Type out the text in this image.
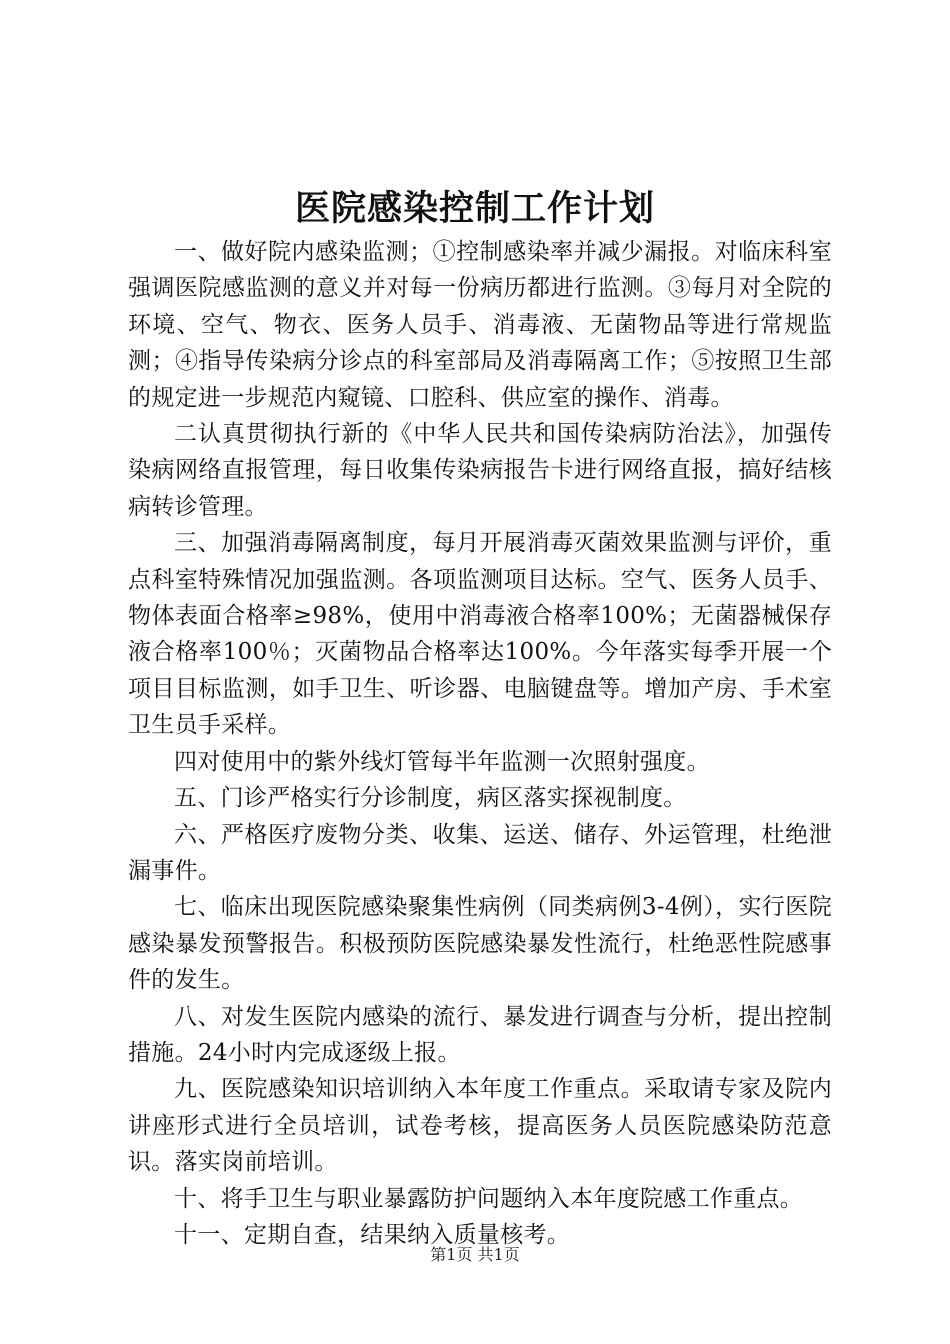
医院感染控制工作计划

一、做好院内感染监测；①控制感染率并减少漏报。对临床科室强调医院感监测的意义并对每一份病历都进行监测。③每月对全院的环境、空气、物衣、医务人员手、消毒液、无菌物品等进行常规监测；④指导传染病分诊点的科室部局及消毒隔离工作；⑤按照卫生部的规定进一步规范内窥镜、口腔科、供应室的操作、消毒。

二认真贯彻执行新的《中华人民共和国传染病防治法》，加强传染病网络直报管理，每日收集传染病报告卡进行网络直报，搞好结核病转诊管理。

三、加强消毒隔离制度，每月开展消毒灭菌效果监测与评价，重点科室特殊情况加强监测。各项监测项目达标。空气、医务人员手、物体表面合格率≥98%，使用中消毒液合格率100%；无菌器械保存液合格率100％；灭菌物品合格率达100%。今年落实每季开展一个项目目标监测，如手卫生、听诊器、电脑键盘等。增加产房、手术室卫生员手采样。

四对使用中的紫外线灯管每半年监测一次照射强度。

五、门诊严格实行分诊制度，病区落实探视制度。

六、严格医疗废物分类、收集、运送、储存、外运管理，杜绝泄漏事件。

七、临床出现医院感染聚集性病例（同类病例3-4例），实行医院感染暴发预警报告。积极预防医院感染暴发性流行，杜绝恶性院感事件的发生。

八、对发生医院内感染的流行、暴发进行调查与分析，提出控制措施。24小时内完成逐级上报。

九、医院感染知识培训纳入本年度工作重点。采取请专家及院内讲座形式进行全员培训，试卷考核，提高医务人员医院感染防范意识。落实岗前培训。

十、将手卫生与职业暴露防护问题纳入本年度院感工作重点。

十一、定期自查，结果纳入质量核考。

第1页 共1页
